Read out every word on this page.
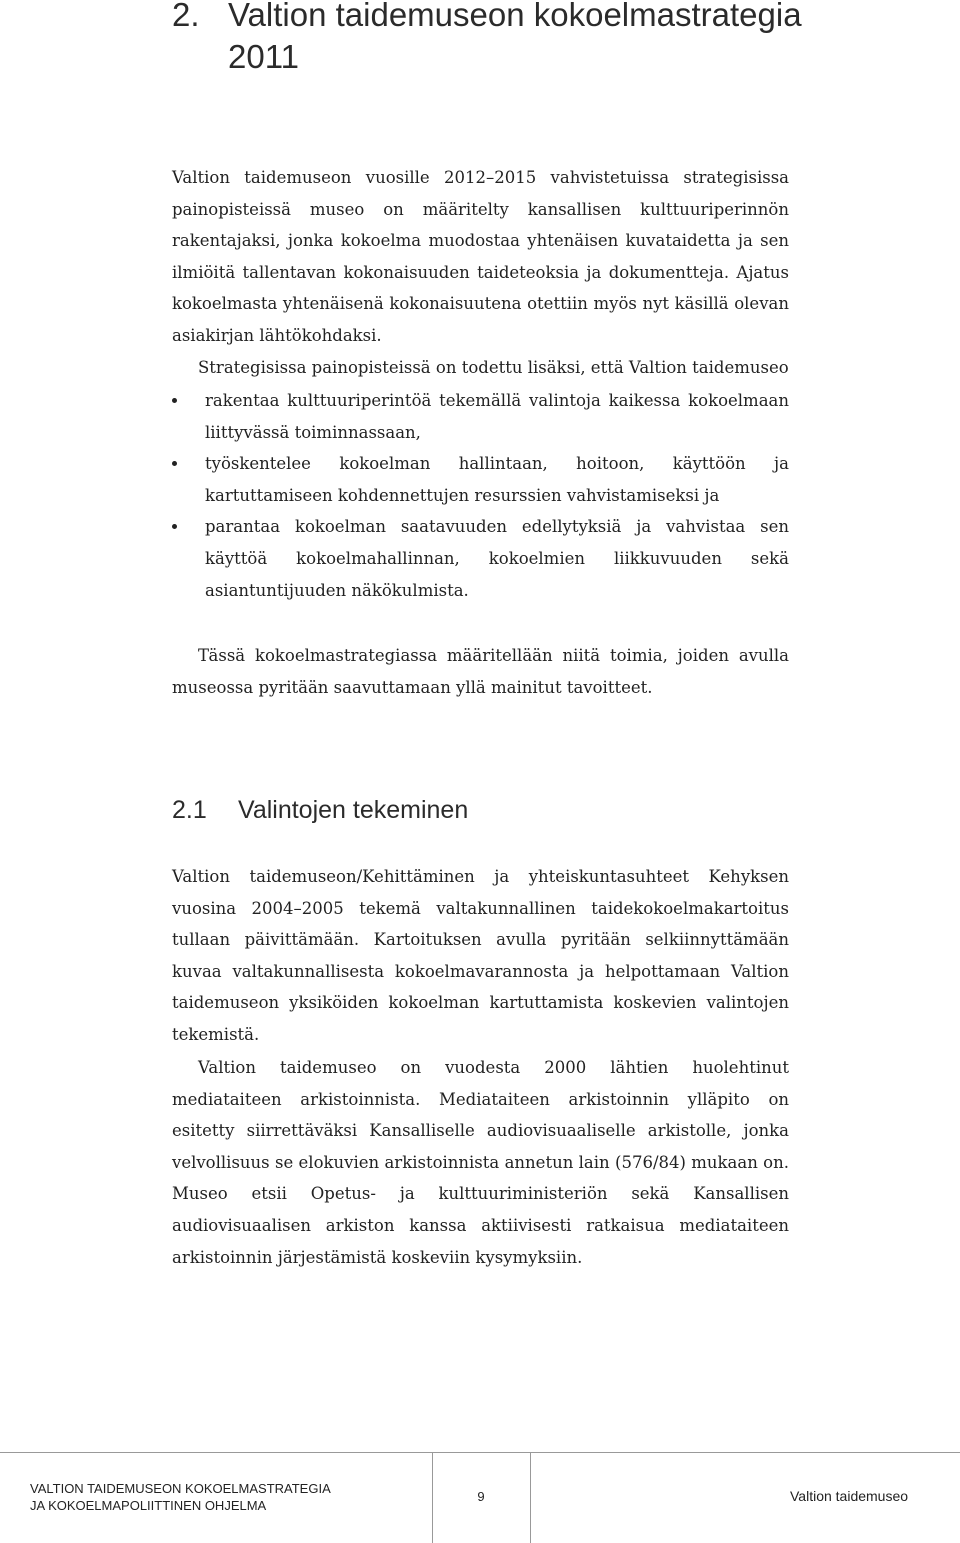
2. Valtion taidemuseon kokoelmastrategia 2011

Valtion taidemuseon vuosille 2012–2015 vahvistetuissa strategisissa painopisteissä museo on määritelty kansallisen kulttuuriperinnön rakentajaksi, jonka kokoelma muodostaa yhtenäisen kuvataidetta ja sen ilmiöitä tallentavan kokonaisuuden taideteoksia ja dokumentteja. Ajatus kokoelmasta yhtenäisenä kokonaisuutena otettiin myös nyt käsillä olevan asiakirjan lähtökohdaksi.

Strategisissa painopisteissä on todettu lisäksi, että Valtion taidemuseo

rakentaa kulttuuriperintöä tekemällä valintoja kaikessa kokoelmaan liittyvässä toiminnassaan,
työskentelee kokoelman hallintaan, hoitoon, käyttöön ja kartuttamiseen kohdennettujen resurssien vahvistamiseksi ja
parantaa kokoelman saatavuuden edellytyksiä ja vahvistaa sen käyttöä kokoelmahallinnan, kokoelmien liikkuvuuden sekä asiantuntijuuden näkökulmista.

Tässä kokoelmastrategiassa määritellään niitä toimia, joiden avulla museossa pyritään saavuttamaan yllä mainitut tavoitteet.

2.1 Valintojen tekeminen

Valtion taidemuseon/Kehittäminen ja yhteiskuntasuhteet Kehyksen vuosina 2004–2005 tekemä valtakunnallinen taidekokoelmakartoitus tullaan päivittämään. Kartoituksen avulla pyritään selkiinnyttämään kuvaa valtakunnallisesta kokoelmavarannosta ja helpottamaan Valtion taidemuseon yksiköiden kokoelman kartuttamista koskevien valintojen tekemistä.

Valtion taidemuseo on vuodesta 2000 lähtien huolehtinut mediataiteen arkistoinnista. Mediataiteen arkistoinnin ylläpito on esitetty siirrettäväksi Kansalliselle audiovisuaaliselle arkistolle, jonka velvollisuus se elokuvien arkistoinnista annetun lain (576/84) mukaan on. Museo etsii Opetus- ja kulttuuriministeriön sekä Kansallisen audiovisuaalisen arkiston kanssa aktiivisesti ratkaisua mediataiteen arkistoinnin järjestämistä koskeviin kysymyksiin.

VALTION TAIDEMUSEON KOKOELMASTRATEGIA
JA KOKOELMAPOLIITTINEN OHJELMA
9	Valtion taidemuseo
